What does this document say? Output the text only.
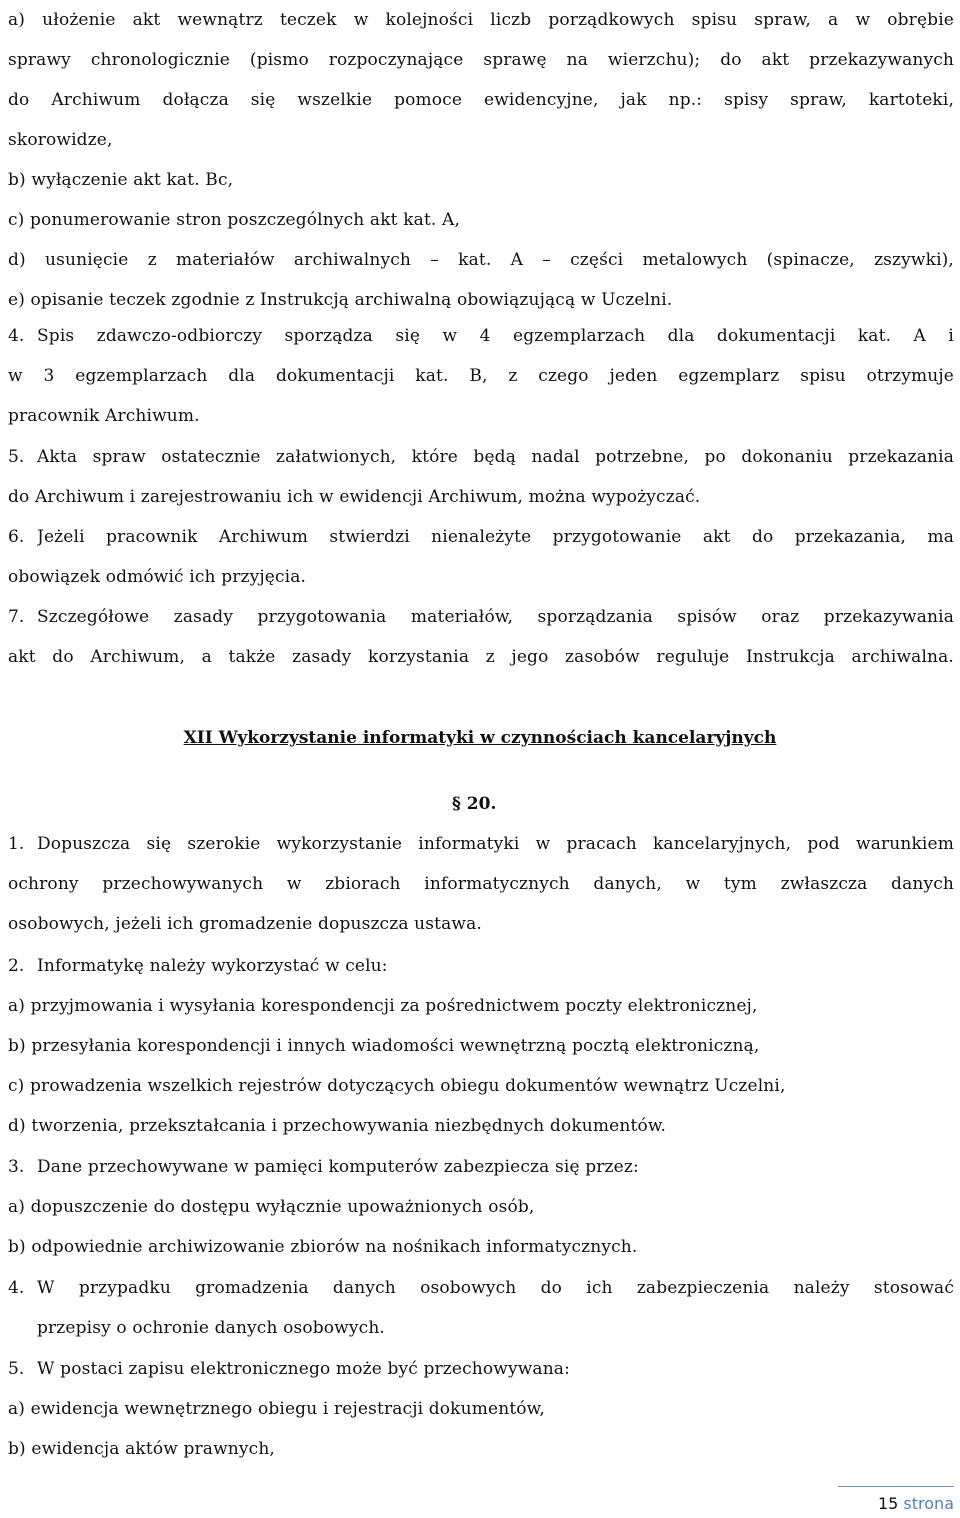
a) ułożenie akt wewnątrz teczek w kolejności liczb porządkowych spisu spraw, a w obrębie
sprawy chronologicznie (pismo rozpoczynające sprawę na wierzchu); do akt przekazywanych
do Archiwum dołącza się wszelkie pomoce ewidencyjne, jak np.: spisy spraw, kartoteki,
skorowidze,
b) wyłączenie akt kat. Bc,
c) ponumerowanie stron poszczególnych akt kat. A,
d) usunięcie z materiałów archiwalnych – kat. A – części metalowych (spinacze, zszywki),
e) opisanie teczek zgodnie z Instrukcją archiwalną obowiązującą w Uczelni.
4. Spis zdawczo-odbiorczy sporządza się w 4 egzemplarzach dla dokumentacji kat. A i
w 3 egzemplarzach dla dokumentacji kat. B, z czego jeden egzemplarz spisu otrzymuje
pracownik Archiwum.
5. Akta spraw ostatecznie załatwionych, które będą nadal potrzebne, po dokonaniu przekazania
do Archiwum i zarejestrowaniu ich w ewidencji Archiwum, można wypożyczać.
6. Jeżeli pracownik Archiwum stwierdzi nienależyte przygotowanie akt do przekazania, ma
obowiązek odmówić ich przyjęcia.
7. Szczegółowe zasady przygotowania materiałów, sporządzania spisów oraz przekazywania
akt do Archiwum, a także zasady korzystania z jego zasobów reguluje Instrukcja archiwalna.
XII Wykorzystanie informatyki w czynnościach kancelaryjnych
§ 20.
1. Dopuszcza się szerokie wykorzystanie informatyki w pracach kancelaryjnych, pod warunkiem
ochrony przechowywanych w zbiorach informatycznych danych, w tym zwłaszcza danych
osobowych, jeżeli ich gromadzenie dopuszcza ustawa.
2. Informatykę należy wykorzystać w celu:
a) przyjmowania i wysyłania korespondencji za pośrednictwem poczty elektronicznej,
b) przesyłania korespondencji i innych wiadomości wewnętrzną pocztą elektroniczną,
c) prowadzenia wszelkich rejestrów dotyczących obiegu dokumentów wewnątrz Uczelni,
d) tworzenia, przekształcania i przechowywania niezbędnych dokumentów.
3. Dane przechowywane w pamięci komputerów zabezpiecza się przez:
a) dopuszczenie do dostępu wyłącznie upoważnionych osób,
b) odpowiednie archiwizowanie zbiorów na nośnikach informatycznych.
4. W przypadku gromadzenia danych osobowych do ich zabezpieczenia należy stosować
przepisy o ochronie danych osobowych.
5. W postaci zapisu elektronicznego może być przechowywana:
a) ewidencja wewnętrznego obiegu i rejestracji dokumentów,
b) ewidencja aktów prawnych,
15 strona
